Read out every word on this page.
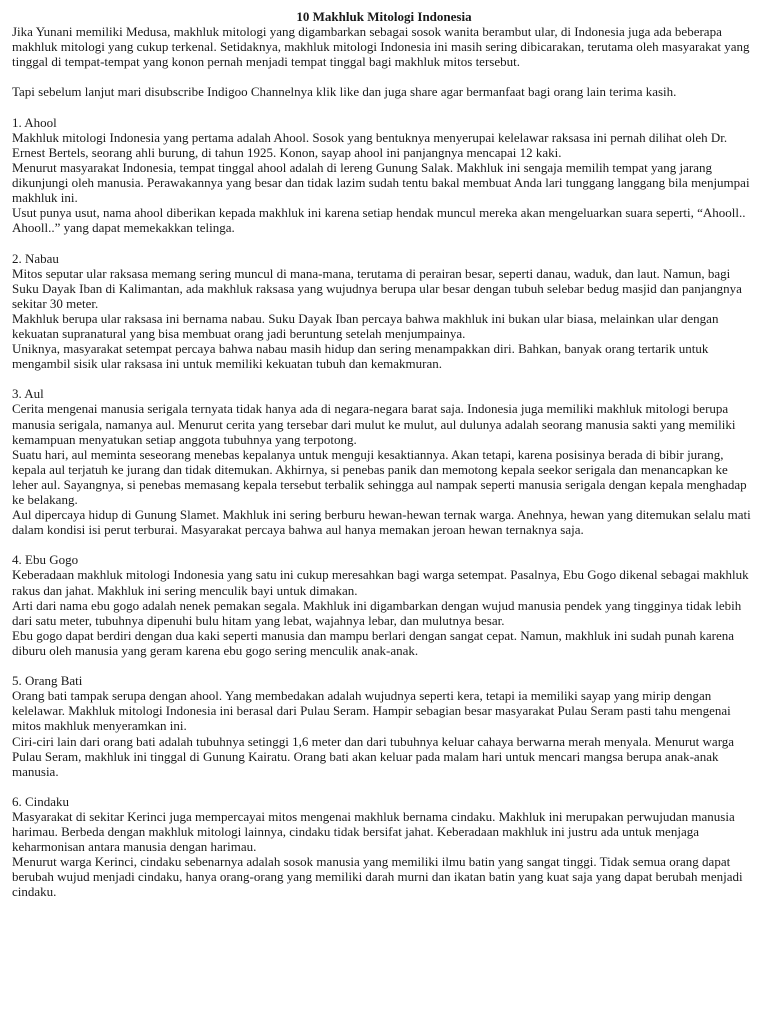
10 Makhluk Mitologi Indonesia

Jika Yunani memiliki Medusa, makhluk mitologi yang digambarkan sebagai sosok wanita berambut ular, di Indonesia juga ada beberapa makhluk mitologi yang cukup terkenal. Setidaknya, makhluk mitologi Indonesia ini masih sering dibicarakan, terutama oleh masyarakat yang tinggal di tempat-tempat yang konon pernah menjadi tempat tinggal bagi makhluk mitos tersebut.

Tapi sebelum lanjut mari disubscribe Indigoo Channelnya klik like dan juga share agar bermanfaat bagi orang lain terima kasih.

1. Ahool

Makhluk mitologi Indonesia yang pertama adalah Ahool. Sosok yang bentuknya menyerupai kelelawar raksasa ini pernah dilihat oleh Dr. Ernest Bertels, seorang ahli burung, di tahun 1925. Konon, sayap ahool ini panjangnya mencapai 12 kaki.

Menurut masyarakat Indonesia, tempat tinggal ahool adalah di lereng Gunung Salak. Makhluk ini sengaja memilih tempat yang jarang dikunjungi oleh manusia. Perawakannya yang besar dan tidak lazim sudah tentu bakal membuat Anda lari tunggang langgang bila menjumpai makhluk ini.

Usut punya usut, nama ahool diberikan kepada makhluk ini karena setiap hendak muncul mereka akan mengeluarkan suara seperti, “Ahooll.. Ahooll..” yang dapat memekakkan telinga.

2. Nabau

Mitos seputar ular raksasa memang sering muncul di mana-mana, terutama di perairan besar, seperti danau, waduk, dan laut. Namun, bagi Suku Dayak Iban di Kalimantan, ada makhluk raksasa yang wujudnya berupa ular besar dengan tubuh selebar bedug masjid dan panjangnya sekitar 30 meter.

Makhluk berupa ular raksasa ini bernama nabau. Suku Dayak Iban percaya bahwa makhluk ini bukan ular biasa, melainkan ular dengan kekuatan supranatural yang bisa membuat orang jadi beruntung setelah menjumpainya.

Uniknya, masyarakat setempat percaya bahwa nabau masih hidup dan sering menampakkan diri. Bahkan, banyak orang tertarik untuk mengambil sisik ular raksasa ini untuk memiliki kekuatan tubuh dan kemakmuran.

3. Aul

Cerita mengenai manusia serigala ternyata tidak hanya ada di negara-negara barat saja. Indonesia juga memiliki makhluk mitologi berupa manusia serigala, namanya aul. Menurut cerita yang tersebar dari mulut ke mulut, aul dulunya adalah seorang manusia sakti yang memiliki kemampuan menyatukan setiap anggota tubuhnya yang terpotong.

Suatu hari, aul meminta seseorang menebas kepalanya untuk menguji kesaktiannya. Akan tetapi, karena posisinya berada di bibir jurang, kepala aul terjatuh ke jurang dan tidak ditemukan. Akhirnya, si penebas panik dan memotong kepala seekor serigala dan menancapkan ke leher aul. Sayangnya, si penebas memasang kepala tersebut terbalik sehingga aul nampak seperti manusia serigala dengan kepala menghadap ke belakang.

Aul dipercaya hidup di Gunung Slamet. Makhluk ini sering berburu hewan-hewan ternak warga. Anehnya, hewan yang ditemukan selalu mati dalam kondisi isi perut terburai. Masyarakat percaya bahwa aul hanya memakan jeroan hewan ternaknya saja.

4. Ebu Gogo

Keberadaan makhluk mitologi Indonesia yang satu ini cukup meresahkan bagi warga setempat. Pasalnya, Ebu Gogo dikenal sebagai makhluk rakus dan jahat. Makhluk ini sering menculik bayi untuk dimakan.

Arti dari nama ebu gogo adalah nenek pemakan segala. Makhluk ini digambarkan dengan wujud manusia pendek yang tingginya tidak lebih dari satu meter, tubuhnya dipenuhi bulu hitam yang lebat, wajahnya lebar, dan mulutnya besar.

Ebu gogo dapat berdiri dengan dua kaki seperti manusia dan mampu berlari dengan sangat cepat. Namun, makhluk ini sudah punah karena diburu oleh manusia yang geram karena ebu gogo sering menculik anak-anak.

5. Orang Bati

Orang bati tampak serupa dengan ahool. Yang membedakan adalah wujudnya seperti kera, tetapi ia memiliki sayap yang mirip dengan kelelawar. Makhluk mitologi Indonesia ini berasal dari Pulau Seram. Hampir sebagian besar masyarakat Pulau Seram pasti tahu mengenai mitos makhluk menyeramkan ini.

Ciri-ciri lain dari orang bati adalah tubuhnya setinggi 1,6 meter dan dari tubuhnya keluar cahaya berwarna merah menyala. Menurut warga Pulau Seram, makhluk ini tinggal di Gunung Kairatu. Orang bati akan keluar pada malam hari untuk mencari mangsa berupa anak-anak manusia.

6. Cindaku

Masyarakat di sekitar Kerinci juga mempercayai mitos mengenai makhluk bernama cindaku. Makhluk ini merupakan perwujudan manusia harimau. Berbeda dengan makhluk mitologi lainnya, cindaku tidak bersifat jahat. Keberadaan makhluk ini justru ada untuk menjaga keharmonisan antara manusia dengan harimau.

Menurut warga Kerinci, cindaku sebenarnya adalah sosok manusia yang memiliki ilmu batin yang sangat tinggi. Tidak semua orang dapat berubah wujud menjadi cindaku, hanya orang-orang yang memiliki darah murni dan ikatan batin yang kuat saja yang dapat berubah menjadi cindaku.
